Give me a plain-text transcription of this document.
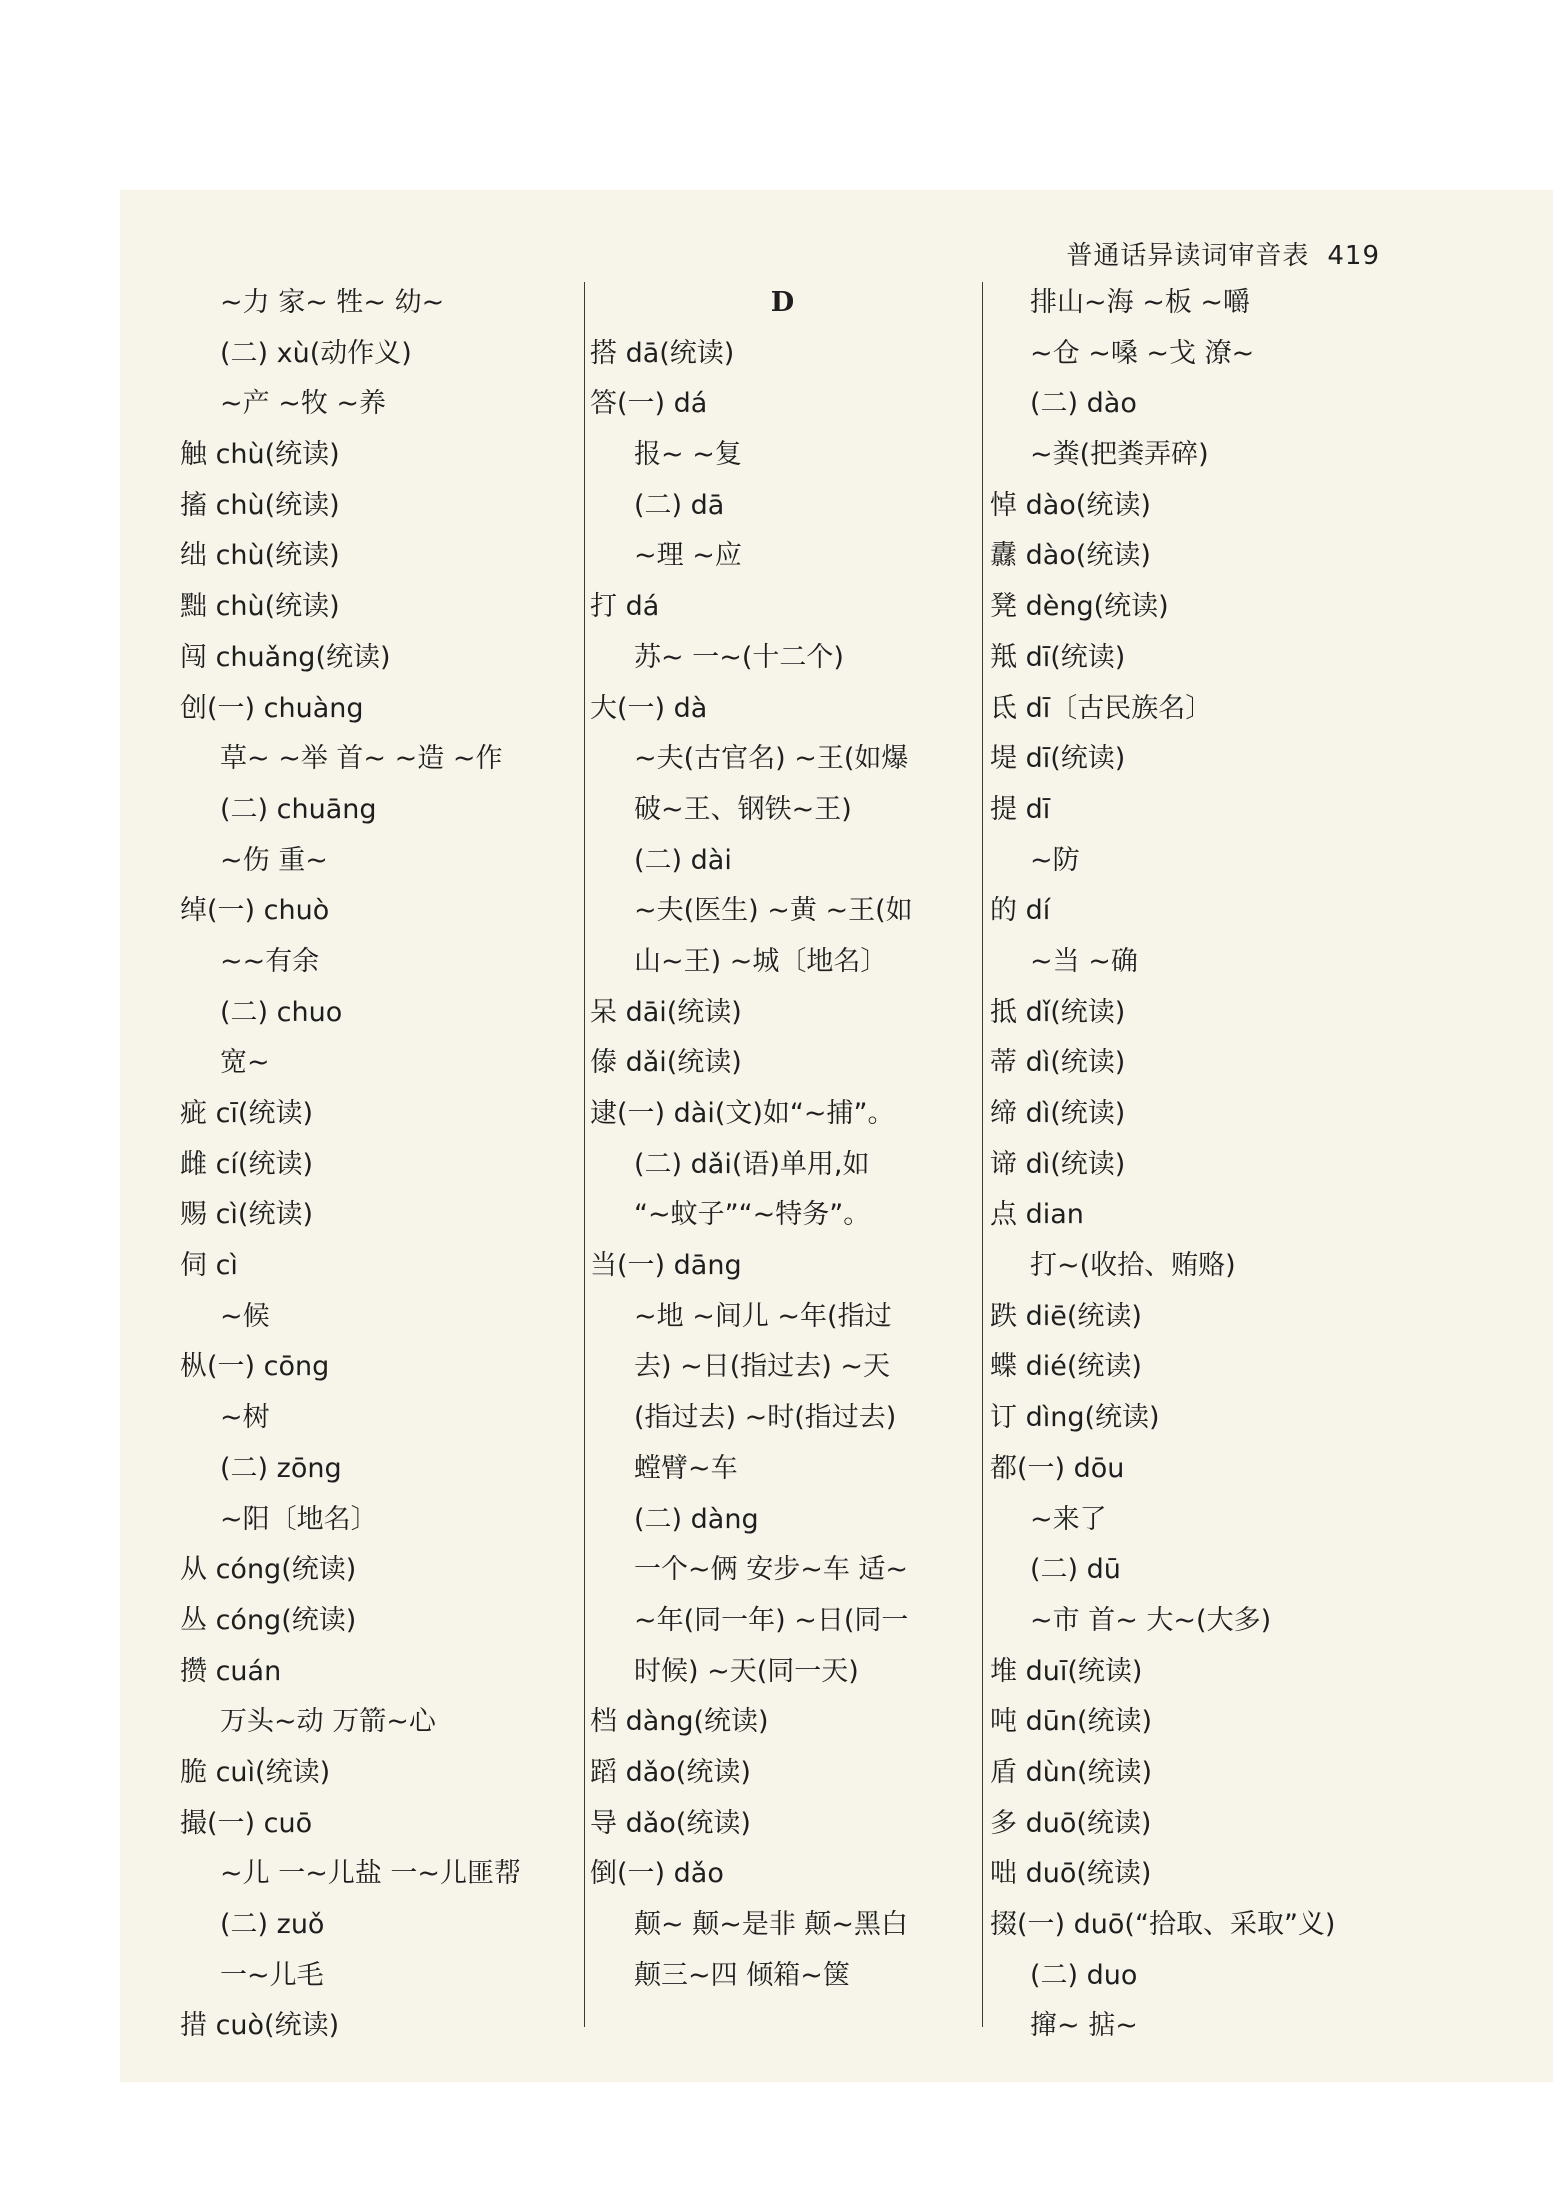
普通话异读词审音表 419
~力 家~ 牲~ 幼~
(二) xù(动作义)
~产 ~牧 ~养
触 chù(统读)
搐 chù(统读)
绌 chù(统读)
黜 chù(统读)
闯 chuǎng(统读)
创(一) chuàng
草~ ~举 首~ ~造 ~作
(二) chuāng
~伤 重~
绰(一) chuò
~~有余
(二) chuo
宽~
疵 cī(统读)
雌 cí(统读)
赐 cì(统读)
伺 cì
~候
枞(一) cōng
~树
(二) zōng
~阳〔地名〕
从 cóng(统读)
丛 cóng(统读)
攒 cuán
万头~动 万箭~心
脆 cuì(统读)
撮(一) cuō
~儿 一~儿盐 一~儿匪帮
(二) zuǒ
一~儿毛
措 cuò(统读)
D
搭 dā(统读)
答(一) dá
报~ ~复
(二) dā
~理 ~应
打 dá
苏~ 一~(十二个)
大(一) dà
~夫(古官名) ~王(如爆
破~王、钢铁~王)
(二) dài
~夫(医生) ~黄 ~王(如
山~王) ~城〔地名〕
呆 dāi(统读)
傣 dǎi(统读)
逮(一) dài(文)如“~捕”。
(二) dǎi(语)单用,如
“~蚊子”“~特务”。
当(一) dāng
~地 ~间儿 ~年(指过
去) ~日(指过去) ~天
(指过去) ~时(指过去)
螳臂~车
(二) dàng
一个~俩 安步~车 适~
~年(同一年) ~日(同一
时候) ~天(同一天)
档 dàng(统读)
蹈 dǎo(统读)
导 dǎo(统读)
倒(一) dǎo
颠~ 颠~是非 颠~黑白
颠三~四 倾箱~箧
排山~海 ~板 ~嚼
~仓 ~嗓 ~戈 潦~
(二) dào
~粪(把粪弄碎)
悼 dào(统读)
纛 dào(统读)
凳 dèng(统读)
羝 dī(统读)
氐 dī〔古民族名〕
堤 dī(统读)
提 dī
~防
的 dí
~当 ~确
抵 dǐ(统读)
蒂 dì(统读)
缔 dì(统读)
谛 dì(统读)
点 dian
打~(收拾、贿赂)
跌 diē(统读)
蝶 dié(统读)
订 dìng(统读)
都(一) dōu
~来了
(二) dū
~市 首~ 大~(大多)
堆 duī(统读)
吨 dūn(统读)
盾 dùn(统读)
多 duō(统读)
咄 duō(统读)
掇(一) duō(“拾取、采取”义)
(二) duo
撺~ 掂~
